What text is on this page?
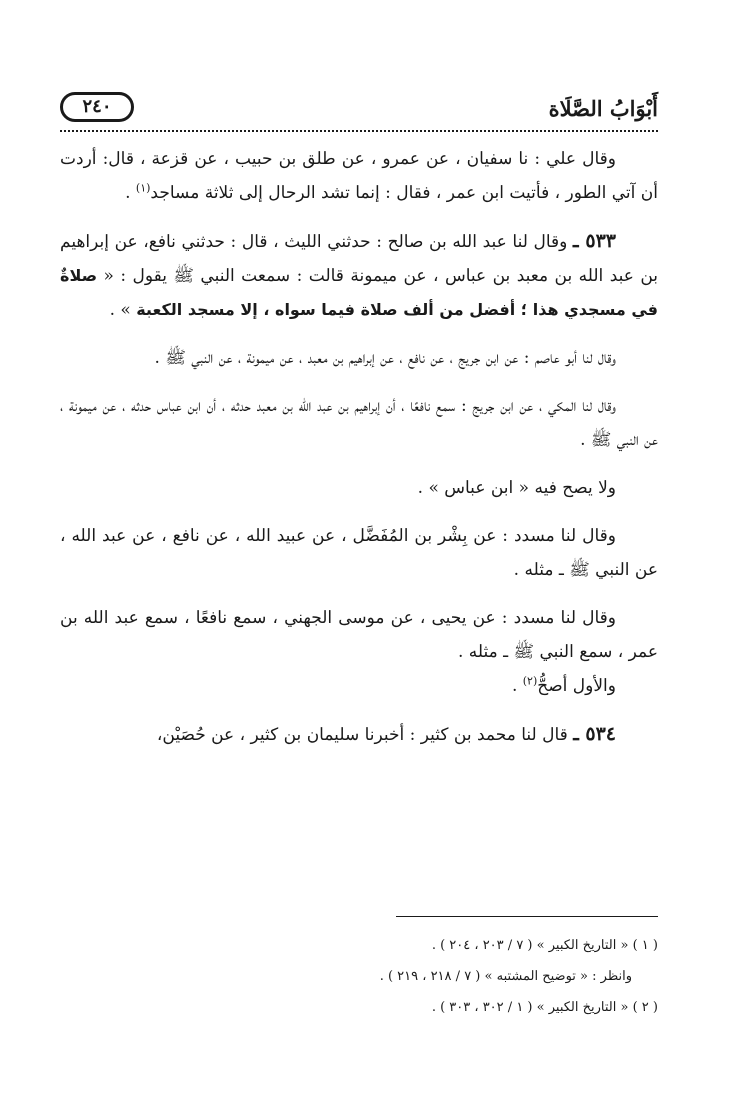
أَبْوَابُ الصَّلَاة
٢٤٠

وقال علي : نا سفيان ، عن عمرو ، عن طلق بن حبيب ، عن قزعة ، قال: أردت أن آتي الطور ، فأتيت ابن عمر ، فقال : إنما تشد الرحال إلى ثلاثة مساجد$^{(١)}$ .

٥٣٣ ـ وقال لنا عبد الله بن صالح : حدثني الليث ، قال : حدثني نافع، عن إبراهيم بن عبد الله بن معبد بن عباس ، عن ميمونة قالت : سمعت النبي ﷺ يقول : « صلاةٌ في مسجدي هذا ؛ أفضل من ألف صلاة فيما سواه ، إلا مسجد الكعبة » .

وقال لنا أبو عاصم : عن ابن جريج ، عن نافع ، عن إبراهيم بن معبد ، عن ميمونة ، عن النبي ﷺ .

وقال لنا المكي ، عن ابن جريج : سمع نافعًا ، أن إبراهيم بن عبد الله بن معبد حدثه ، أن ابن عباس حدثه ، عن ميمونة ، عن النبي ﷺ .

ولا يصح فيه « ابن عباس » .

وقال لنا مسدد : عن بِشْر بن المُفَضَّل ، عن عبيد الله ، عن نافع ، عن عبد الله ، عن النبي ﷺ ـ مثله .

وقال لنا مسدد : عن يحيى ، عن موسى الجهني ، سمع نافعًا ، سمع عبد الله بن عمر ، سمع النبي ﷺ ـ مثله .

والأول أصحُّ$^{(٢)}$ .

٥٣٤ ـ قال لنا محمد بن كثير : أخبرنا سليمان بن كثير ، عن حُصَيْن،

( ١ ) « التاريخ الكبير » ( ٧ / ٢٠٣ ، ٢٠٤ ) .

وانظر : « توضيح المشتبه » ( ٧ / ٢١٨ ، ٢١٩ ) .

( ٢ ) « التاريخ الكبير » ( ١ / ٣٠٢ ، ٣٠٣ ) .
